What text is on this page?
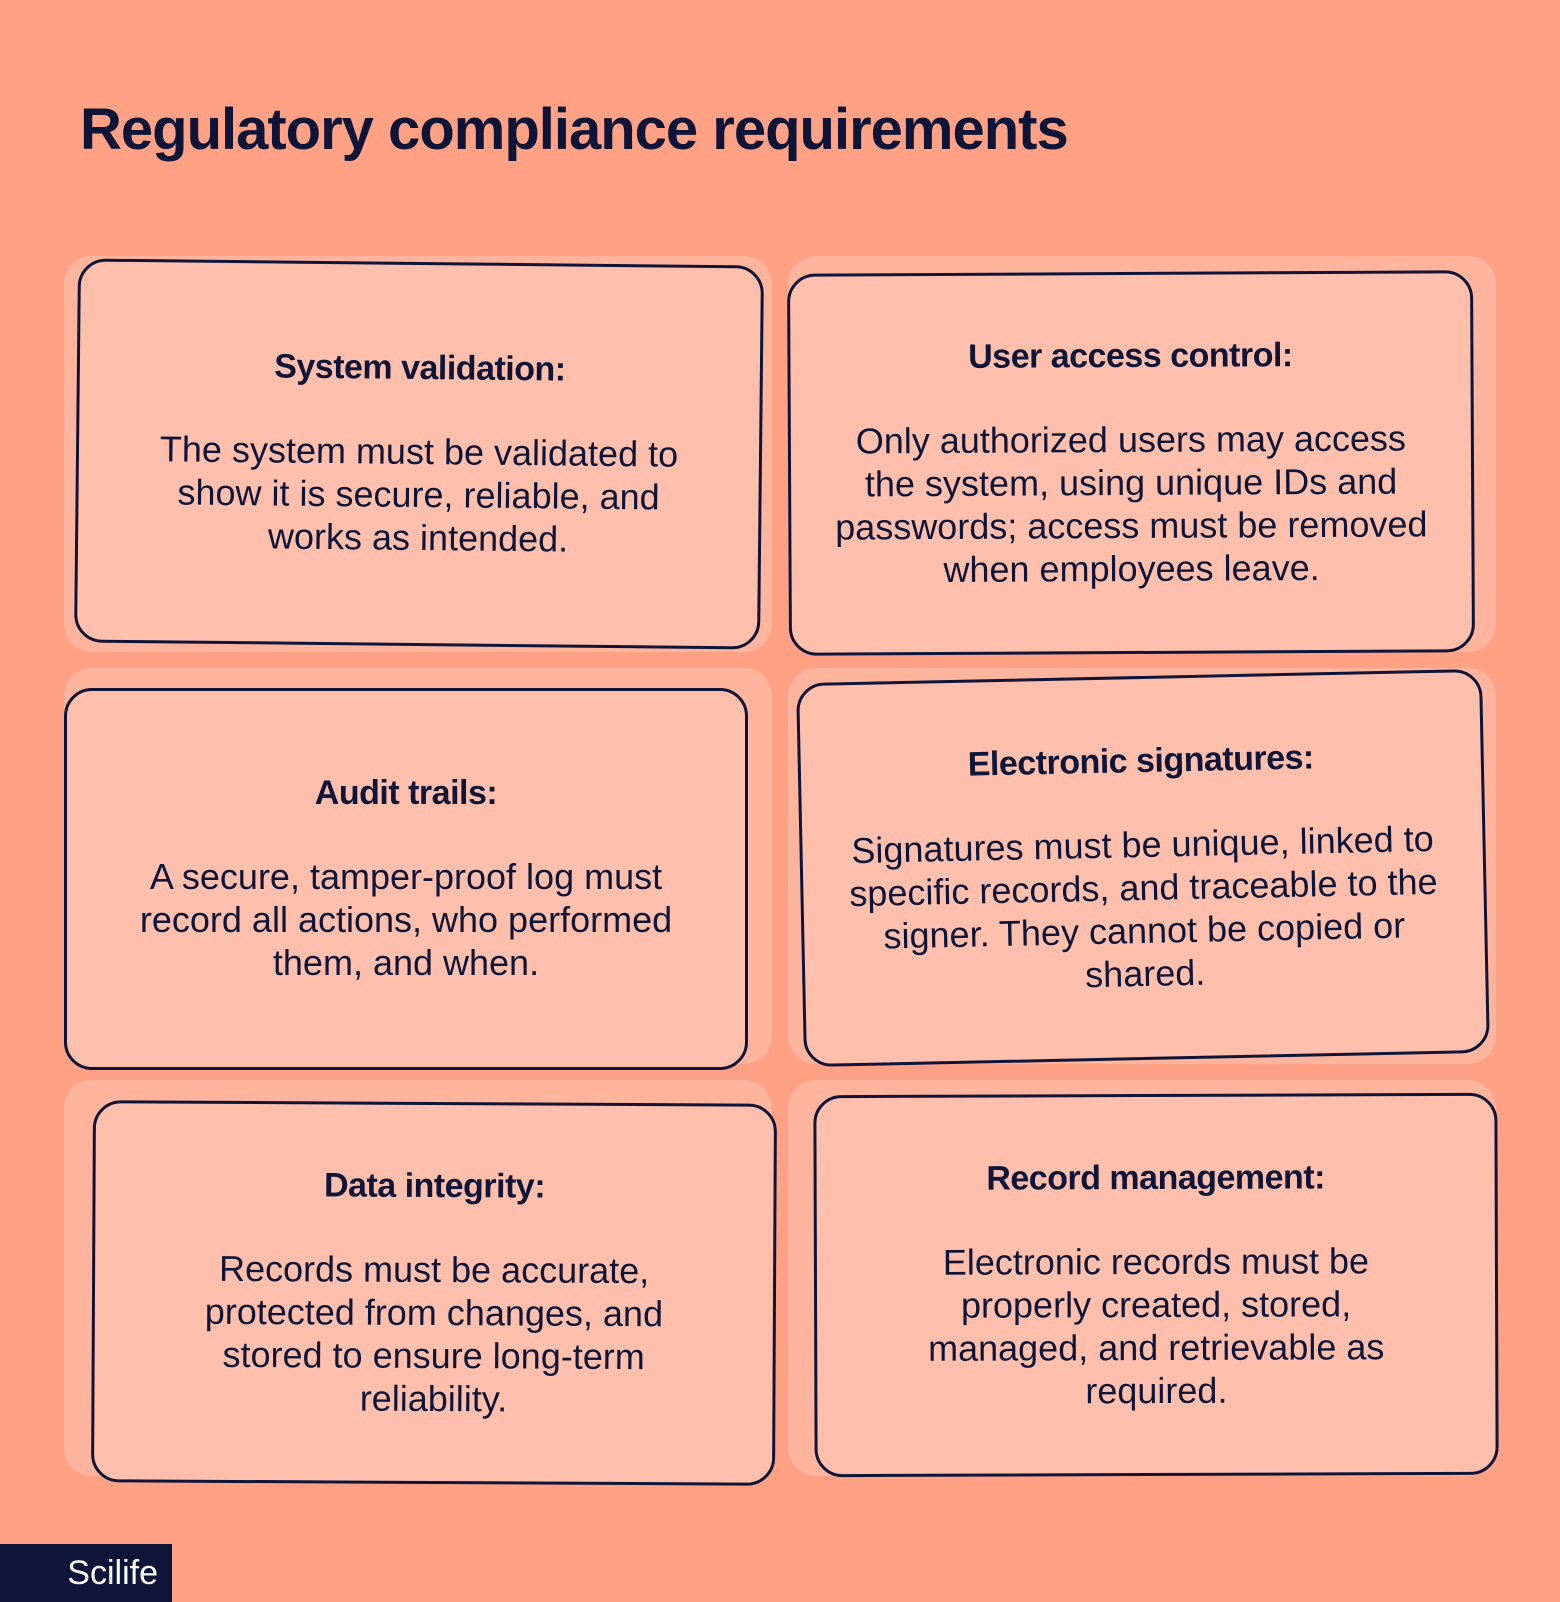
Regulatory compliance requirements
System validation:

The system must be validated to show it is secure, reliable, and works as intended.

User access control:

Only authorized users may access the system, using unique IDs and passwords; access must be removed when employees leave.

Audit trails:

A secure, tamper-proof log must record all actions, who performed them, and when.

Electronic signatures:

Signatures must be unique, linked to specific records, and traceable to the signer. They cannot be copied or shared.

Data integrity:

Records must be accurate, protected from changes, and stored to ensure long-term reliability.

Record management:

Electronic records must be properly created, stored, managed, and retrievable as required.

Scilife
